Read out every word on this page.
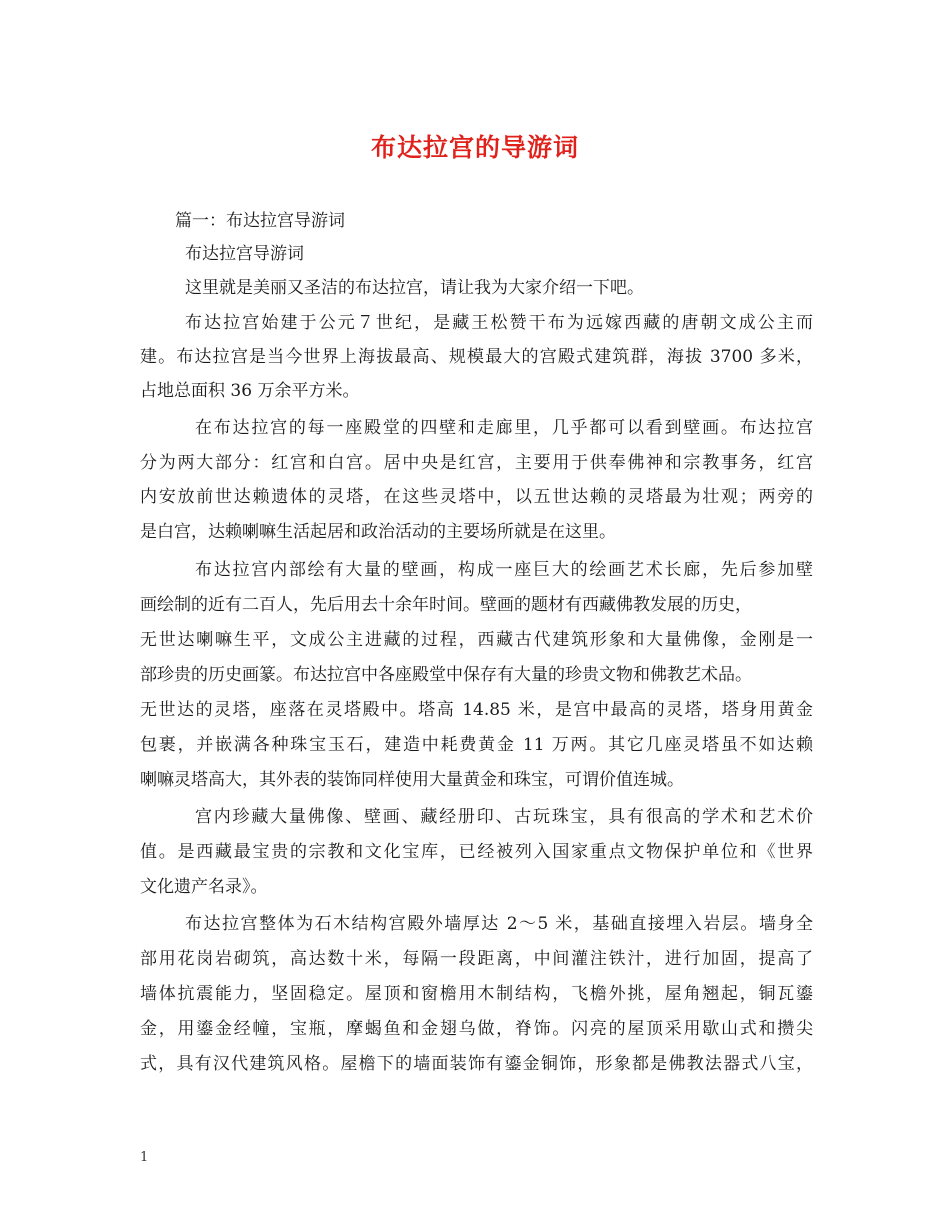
布达拉宫的导游词
篇一：布达拉宫导游词
布达拉宫导游词
这里就是美丽又圣洁的布达拉宫，请让我为大家介绍一下吧。
布达拉宫始建于公元７世纪，是藏王松赞干布为远嫁西藏的唐朝文成公主而
建。布达拉宫是当今世界上海拔最高、规模最大的宫殿式建筑群，海拔 3700 多米，
占地总面积 36 万余平方米。
在布达拉宫的每一座殿堂的四壁和走廊里，几乎都可以看到壁画。布达拉宫
分为两大部分：红宫和白宫。居中央是红宫，主要用于供奉佛神和宗教事务，红宫
内安放前世达赖遗体的灵塔，在这些灵塔中，以五世达赖的灵塔最为壮观；两旁的
是白宫，达赖喇嘛生活起居和政治活动的主要场所就是在这里。
布达拉宫内部绘有大量的壁画，构成一座巨大的绘画艺术长廊，先后参加壁
画绘制的近有二百人，先后用去十余年时间。壁画的题材有西藏佛教发展的历史，
无世达喇嘛生平，文成公主进藏的过程，西藏古代建筑形象和大量佛像，金刚是一
部珍贵的历史画篆。布达拉宫中各座殿堂中保存有大量的珍贵文物和佛教艺术品。
无世达的灵塔，座落在灵塔殿中。塔高 14.85 米，是宫中最高的灵塔，塔身用黄金
包裹，并嵌满各种珠宝玉石，建造中耗费黄金 11 万两。其它几座灵塔虽不如达赖
喇嘛灵塔高大，其外表的装饰同样使用大量黄金和珠宝，可谓价值连城。
宫内珍藏大量佛像、壁画、藏经册印、古玩珠宝，具有很高的学术和艺术价
值。是西藏最宝贵的宗教和文化宝库，已经被列入国家重点文物保护单位和《世界
文化遗产名录》。
布达拉宫整体为石木结构宫殿外墙厚达 2～5 米，基础直接埋入岩层。墙身全
部用花岗岩砌筑，高达数十米，每隔一段距离，中间灌注铁汁，进行加固，提高了
墙体抗震能力，坚固稳定。屋顶和窗檐用木制结构，飞檐外挑，屋角翘起，铜瓦鎏
金，用鎏金经幢，宝瓶，摩蝎鱼和金翅乌做，脊饰。闪亮的屋顶采用歇山式和攒尖
式，具有汉代建筑风格。屋檐下的墙面装饰有鎏金铜饰，形象都是佛教法器式八宝，
1
